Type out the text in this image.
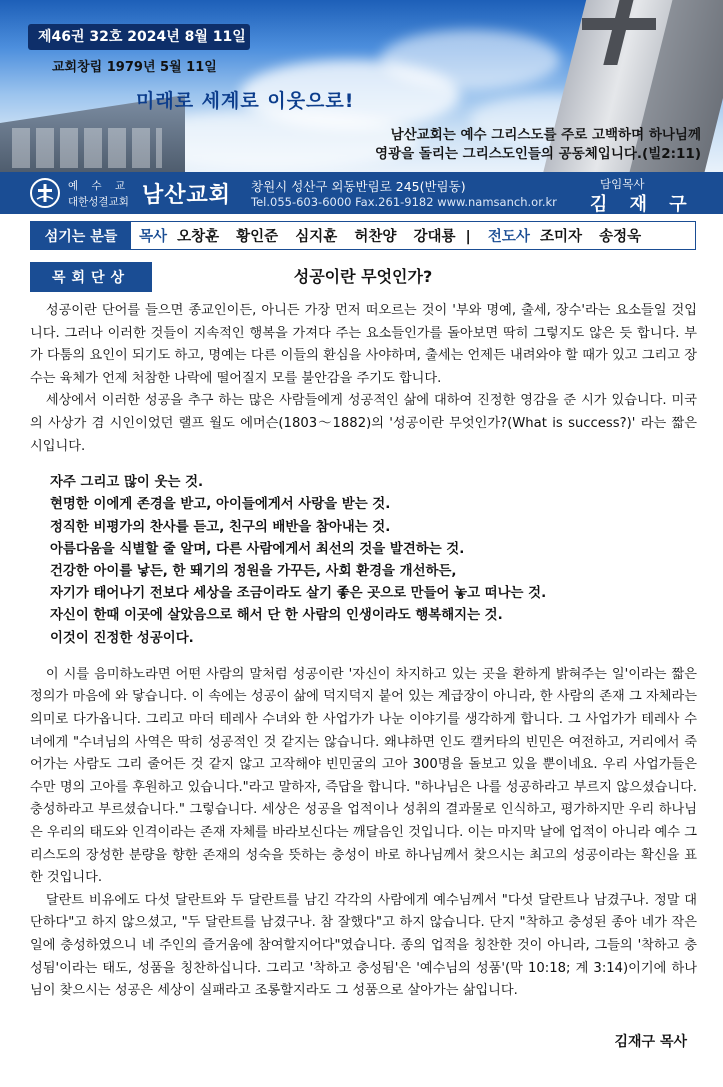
제46권 32호 2024년 8월 11일
교회창립 1979년 5월 11일
미래로 세계로 이웃으로!
남산교회는 예수 그리스도를 주로 고백하며 하나님께
영광을 돌리는 그리스도인들의 공동체입니다.(빌2:11)
예 수 교
대한성결교회 남산교회 창원시 성산구 외동반림로 245(반림동)
Tel.055-603-6000 Fax.261-9182 www.namsanch.or.kr
담임목사
김 재 구
섬기는 분들	목사 오창훈 황인준 심지훈 허찬양 강대룡 | 전도사 조미자 송정욱
목회단상	성공이란 무엇인가?

성공이란 단어를 들으면 종교인이든, 아니든 가장 먼저 떠오르는 것이 '부와 명예, 출세, 장수'라는 요소들일 것입니다. 그러나 이러한 것들이 지속적인 행복을 가져다 주는 요소들인가를 돌아보면 딱히 그렇지도 않은 듯 합니다. 부가 다툼의 요인이 되기도 하고, 명예는 다른 이들의 환심을 사야하며, 출세는 언제든 내려와야 할 때가 있고 그리고 장수는 육체가 언제 처참한 나락에 떨어질지 모를 불안감을 주기도 합니다.

세상에서 이러한 성공을 추구 하는 많은 사람들에게 성공적인 삶에 대하여 진정한 영감을 준 시가 있습니다. 미국의 사상가 겸 시인이었던 랠프 월도 에머슨(1803～1882)의 '성공이란 무엇인가?(What is success?)' 라는 짧은 시입니다.

자주 그리고 많이 웃는 것.
현명한 이에게 존경을 받고, 아이들에게서 사랑을 받는 것.
정직한 비평가의 찬사를 듣고, 친구의 배반을 참아내는 것.
아름다움을 식별할 줄 알며, 다른 사람에게서 최선의 것을 발견하는 것.
건강한 아이를 낳든, 한 뙈기의 정원을 가꾸든, 사회 환경을 개선하든,
자기가 태어나기 전보다 세상을 조금이라도 살기 좋은 곳으로 만들어 놓고 떠나는 것.
자신이 한때 이곳에 살았음으로 해서 단 한 사람의 인생이라도 행복해지는 것.
이것이 진정한 성공이다.

이 시를 음미하노라면 어떤 사람의 말처럼 성공이란 '자신이 차지하고 있는 곳을 환하게 밝혀주는 일'이라는 짧은 정의가 마음에 와 닿습니다. 이 속에는 성공이 삶에 덕지덕지 붙어 있는 계급장이 아니라, 한 사람의 존재 그 자체라는 의미로 다가옵니다. 그리고 마더 테레사 수녀와 한 사업가가 나눈 이야기를 생각하게 합니다. 그 사업가가 테레사 수녀에게 "수녀님의 사역은 딱히 성공적인 것 같지는 않습니다. 왜냐하면 인도 캘커타의 빈민은 여전하고, 거리에서 죽어가는 사람도 그리 줄어든 것 같지 않고 고작해야 빈민굴의 고아 300명을 돌보고 있을 뿐이네요. 우리 사업가들은 수만 명의 고아를 후원하고 있습니다."라고 말하자, 즉답을 합니다. "하나님은 나를 성공하라고 부르지 않으셨습니다. 충성하라고 부르셨습니다." 그렇습니다. 세상은 성공을 업적이나 성취의 결과물로 인식하고, 평가하지만 우리 하나님은 우리의 태도와 인격이라는 존재 자체를 바라보신다는 깨달음인 것입니다. 이는 마지막 날에 업적이 아니라 예수 그리스도의 장성한 분량을 향한 존재의 성숙을 뜻하는 충성이 바로 하나님께서 찾으시는 최고의 성공이라는 확신을 표한 것입니다.

달란트 비유에도 다섯 달란트와 두 달란트를 남긴 각각의 사람에게 예수님께서 "다섯 달란트나 남겼구나. 정말 대단하다"고 하지 않으셨고, "두 달란트를 남겼구나. 참 잘했다"고 하지 않습니다. 단지 "착하고 충성된 종아 네가 작은 일에 충성하였으니 네 주인의 즐거움에 참여할지어다"였습니다. 종의 업적을 칭찬한 것이 아니라, 그들의 '착하고 충성됨'이라는 태도, 성품을 칭찬하십니다. 그리고 '착하고 충성됨'은 '예수님의 성품'(막 10:18; 계 3:14)이기에 하나님이 찾으시는 성공은 세상이 실패라고 조롱할지라도 그 성품으로 살아가는 삶입니다.

김재구 목사
